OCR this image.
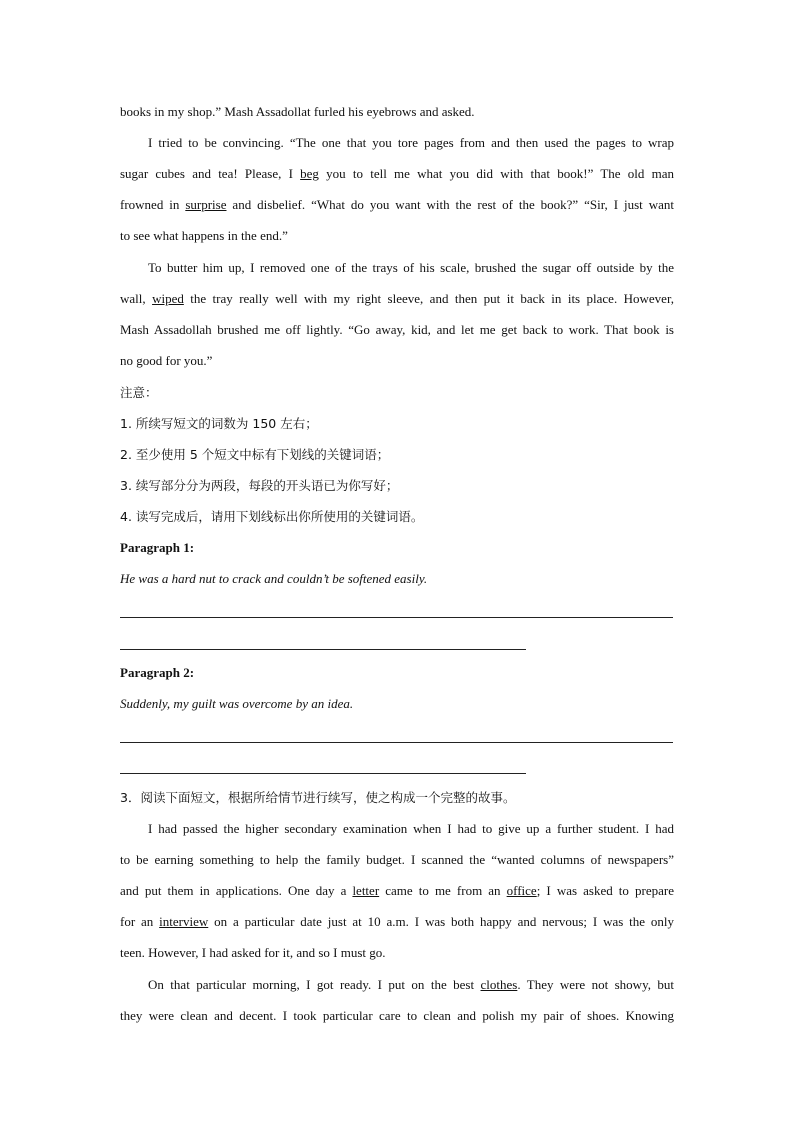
books in my shop.” Mash Assadollat furled his eyebrows and asked.
I tried to be convincing. “The one that you tore pages from and then used the pages to wrap
sugar cubes and tea! Please, I beg you to tell me what you did with that book!” The old man
frowned in surprise and disbelief. “What do you want with the rest of the book?” “Sir, I just want
to see what happens in the end.”
To butter him up, I removed one of the trays of his scale, brushed the sugar off outside by the
wall, wiped the tray really well with my right sleeve, and then put it back in its place. However,
Mash Assadollah brushed me off lightly. “Go away, kid, and let me get back to work. That book is
no good for you.”
注意：
1. 所续写短文的词数为 150 左右；
2. 至少使用 5 个短文中标有下划线的关键词语；
3. 续写部分分为两段，每段的开头语已为你写好；
4. 读写完成后，请用下划线标出你所使用的关键词语。
Paragraph 1:
He was a hard nut to crack and couldn’t be softened easily.
Paragraph 2:
Suddenly, my guilt was overcome by an idea.
3．阅读下面短文，根据所给情节进行续写，使之构成一个完整的故事。
I had passed the higher secondary examination when I had to give up a further student. I had
to be earning something to help the family budget. I scanned the “wanted columns of newspapers”
and put them in applications. One day a letter came to me from an office; I was asked to prepare
for an interview on a particular date just at 10 a.m. I was both happy and nervous; I was the only
teen. However, I had asked for it, and so I must go.
On that particular morning, I got ready. I put on the best clothes. They were not showy, but
they were clean and decent. I took particular care to clean and polish my pair of shoes. Knowing
